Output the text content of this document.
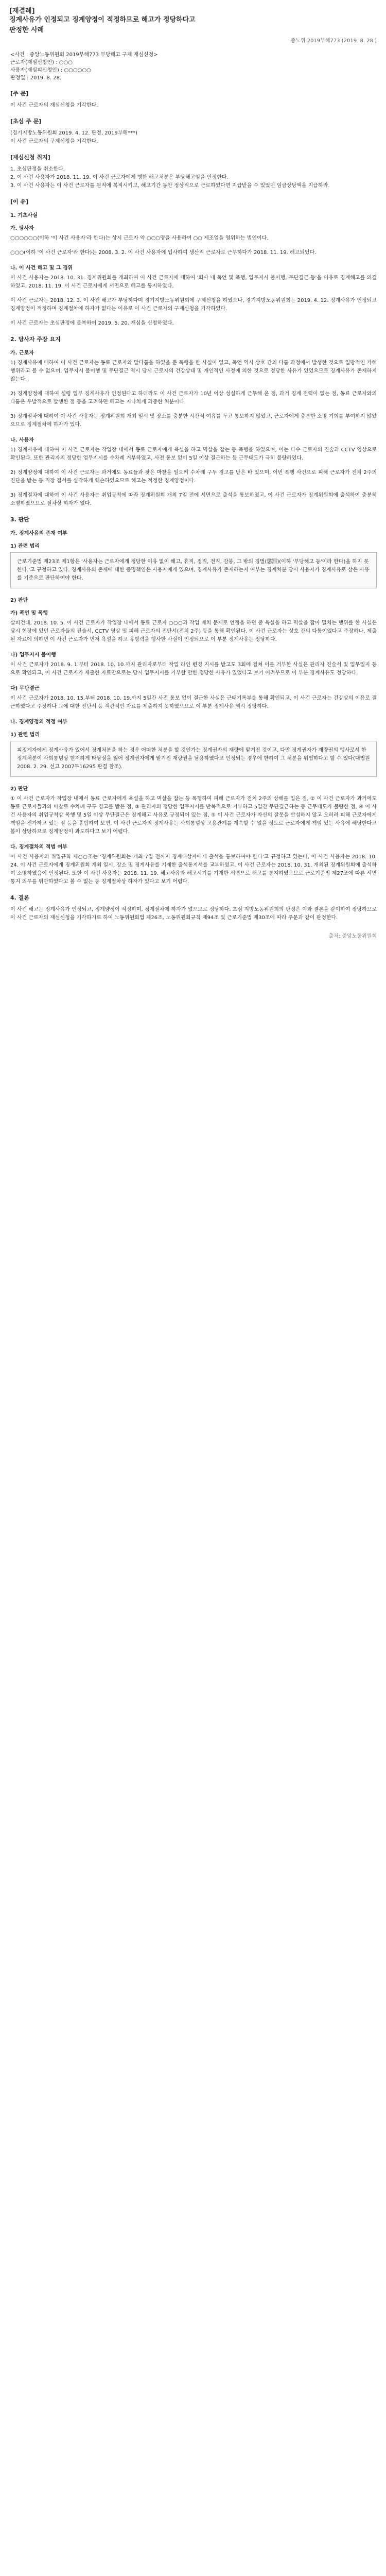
[재결례]
징계사유가 인정되고 징계양정이 적정하므로 해고가 정당하다고
판정한 사례
중노위 2019부해773 (2019. 8. 28.)
<사건 : 중앙노동위원회 2019부해773 부당해고 구제 재심신청>
근로자(재심신청인) : ○○○
사용자(재심피신청인) : ○○○○○○
판정일 : 2019. 8. 28.
[주 문]
이 사건 근로자의 재심신청을 기각한다.
[초심 주 문]
(경기지방노동위원회 2019. 4. 12. 판정, 2019부해***)
이 사건 근로자의 구제신청을 기각한다.
[재심신청 취지]
1. 초심판정을 취소한다.
2. 이 사건 사용자가 2018. 11. 19. 이 사건 근로자에게 행한 해고처분은 부당해고임을 인정한다.
3. 이 사건 사용자는 이 사건 근로자를 원직에 복직시키고, 해고기간 동안 정상적으로 근로하였다면 지급받을 수 있었던 임금상당액을 지급하라.
[이 유]
1. 기초사실
가. 당사자
○○○○○○(이하 '이 사건 사용자'라 한다)는 상시 근로자 약 ○○○명을 사용하여 ○○ 제조업을 영위하는 법인이다.
○○○(이하 '이 사건 근로자'라 한다)는 2008. 3. 2. 이 사건 사용자에 입사하여 생산직 근로자로 근무하다가 2018. 11. 19. 해고되었다.
나. 이 사건 해고 및 그 경위
이 사건 사용자는 2018. 10. 31. 징계위원회를 개최하여 이 사건 근로자에 대하여 '회사 내 폭언 및 폭행, 업무지시 불이행, 무단결근 등'을 이유로 징계해고를 의결하였고, 2018. 11. 19. 이 사건 근로자에게 서면으로 해고를 통지하였다.
이 사건 근로자는 2018. 12. 3. 이 사건 해고가 부당하다며 경기지방노동위원회에 구제신청을 하였으나, 경기지방노동위원회는 2019. 4. 12. 징계사유가 인정되고 징계양정이 적정하며 징계절차에 하자가 없다는 이유로 이 사건 근로자의 구제신청을 기각하였다.
이 사건 근로자는 초심판정에 불복하여 2019. 5. 20. 재심을 신청하였다.
2. 당사자 주장 요지
가. 근로자
1) 징계사유에 대하여 이 사건 근로자는 동료 근로자와 말다툼을 하였을 뿐 폭행을 한 사실이 없고, 폭언 역시 상호 간의 다툼 과정에서 발생한 것으로 일방적인 가해행위라고 볼 수 없으며, 업무지시 불이행 및 무단결근 역시 당시 근로자의 건강상태 및 개인적인 사정에 의한 것으로 정당한 사유가 있었으므로 징계사유가 존재하지 않는다.
2) 징계양정에 대하여 설령 일부 징계사유가 인정된다고 하더라도 이 사건 근로자가 10년 이상 성실하게 근무해 온 점, 과거 징계 전력이 없는 점, 동료 근로자와의 다툼은 우발적으로 발생한 점 등을 고려하면 해고는 지나치게 과중한 처분이다.
3) 징계절차에 대하여 이 사건 사용자는 징계위원회 개최 일시 및 장소를 충분한 시간적 여유를 두고 통보하지 않았고, 근로자에게 충분한 소명 기회를 부여하지 않았으므로 징계절차에 하자가 있다.
나. 사용자
1) 징계사유에 대하여 이 사건 근로자는 작업장 내에서 동료 근로자에게 욕설을 하고 멱살을 잡는 등 폭행을 하였으며, 이는 다수 근로자의 진술과 CCTV 영상으로 확인된다. 또한 관리자의 정당한 업무지시를 수차례 거부하였고, 사전 통보 없이 5일 이상 결근하는 등 근무태도가 극히 불량하였다.
2) 징계양정에 대하여 이 사건 근로자는 과거에도 동료들과 잦은 마찰을 일으켜 수차례 구두 경고를 받은 바 있으며, 이번 폭행 사건으로 피해 근로자가 전치 2주의 진단을 받는 등 직장 질서를 심각하게 훼손하였으므로 해고는 적정한 징계양정이다.
3) 징계절차에 대하여 이 사건 사용자는 취업규칙에 따라 징계위원회 개최 7일 전에 서면으로 출석을 통보하였고, 이 사건 근로자가 징계위원회에 출석하여 충분히 소명하였으므로 절차상 하자가 없다.
3. 판단
가. 징계사유의 존재 여부
1) 관련 법리
근로기준법 제23조 제1항은 '사용자는 근로자에게 정당한 이유 없이 해고, 휴직, 정직, 전직, 감봉, 그 밖의 징벌(懲罰)(이하 '부당해고 등'이라 한다)을 하지 못한다.'고 규정하고 있다. 징계사유의 존재에 대한 증명책임은 사용자에게 있으며, 징계사유가 존재하는지 여부는 징계처분 당시 사용자가 징계사유로 삼은 사유를 기준으로 판단하여야 한다.
2) 판단
가) 폭언 및 폭행
살피건대, 2018. 10. 5. 이 사건 근로자가 작업장 내에서 동료 근로자 ○○○과 작업 배치 문제로 언쟁을 하던 중 욕설을 하고 멱살을 잡아 밀치는 행위를 한 사실은 당시 현장에 있던 근로자들의 진술서, CCTV 영상 및 피해 근로자의 진단서(전치 2주) 등을 통해 확인된다. 이 사건 근로자는 상호 간의 다툼이었다고 주장하나, 제출된 자료에 의하면 이 사건 근로자가 먼저 욕설을 하고 유형력을 행사한 사실이 인정되므로 이 부분 징계사유는 정당하다.
나) 업무지시 불이행
이 사건 근로자가 2018. 9. 1.부터 2018. 10. 10.까지 관리자로부터 작업 라인 변경 지시를 받고도 3회에 걸쳐 이를 거부한 사실은 관리자 진술서 및 업무일지 등으로 확인되고, 이 사건 근로자가 제출한 자료만으로는 당시 업무지시를 거부할 만한 정당한 사유가 있었다고 보기 어려우므로 이 부분 징계사유도 정당하다.
다) 무단결근
이 사건 근로자가 2018. 10. 15.부터 2018. 10. 19.까지 5일간 사전 통보 없이 결근한 사실은 근태기록부를 통해 확인되고, 이 사건 근로자는 건강상의 이유로 결근하였다고 주장하나 그에 대한 진단서 등 객관적인 자료를 제출하지 못하였으므로 이 부분 징계사유 역시 정당하다.
나. 징계양정의 적정 여부
1) 관련 법리
피징계자에게 징계사유가 있어서 징계처분을 하는 경우 어떠한 처분을 할 것인가는 징계권자의 재량에 맡겨진 것이고, 다만 징계권자가 재량권의 행사로서 한 징계처분이 사회통념상 현저하게 타당성을 잃어 징계권자에게 맡겨진 재량권을 남용하였다고 인정되는 경우에 한하여 그 처분을 위법하다고 할 수 있다(대법원 2008. 2. 29. 선고 2007두16295 판결 참조).
2) 판단
① 이 사건 근로자가 작업장 내에서 동료 근로자에게 욕설을 하고 멱살을 잡는 등 폭행하여 피해 근로자가 전치 2주의 상해를 입은 점, ② 이 사건 근로자가 과거에도 동료 근로자들과의 마찰로 수차례 구두 경고를 받은 점, ③ 관리자의 정당한 업무지시를 반복적으로 거부하고 5일간 무단결근하는 등 근무태도가 불량한 점, ④ 이 사건 사용자의 취업규칙상 폭행 및 5일 이상 무단결근은 징계해고 사유로 규정되어 있는 점, ⑤ 이 사건 근로자가 자신의 잘못을 반성하지 않고 오히려 피해 근로자에게 책임을 전가하고 있는 점 등을 종합하여 보면, 이 사건 근로자의 징계사유는 사회통념상 고용관계를 계속할 수 없을 정도로 근로자에게 책임 있는 사유에 해당한다고 봄이 상당하므로 징계양정이 과도하다고 보기 어렵다.
다. 징계절차의 적법 여부
이 사건 사용자의 취업규칙 제○○조는 '징계위원회는 개최 7일 전까지 징계대상자에게 출석을 통보하여야 한다'고 규정하고 있는바, 이 사건 사용자는 2018. 10. 24. 이 사건 근로자에게 징계위원회 개최 일시, 장소 및 징계사유를 기재한 출석통지서를 교부하였고, 이 사건 근로자는 2018. 10. 31. 개최된 징계위원회에 출석하여 소명하였음이 인정된다. 또한 이 사건 사용자는 2018. 11. 19. 해고사유와 해고시기를 기재한 서면으로 해고를 통지하였으므로 근로기준법 제27조에 따른 서면통지 의무를 위반하였다고 볼 수 없는 등 징계절차상 하자가 있다고 보기 어렵다.
4. 결론
이 사건 해고는 징계사유가 인정되고, 징계양정이 적정하며, 징계절차에 하자가 없으므로 정당하다. 초심 지방노동위원회의 판정은 이와 결론을 같이하여 정당하므로 이 사건 근로자의 재심신청을 기각하기로 하여 노동위원회법 제26조, 노동위원회규칙 제94조 및 근로기준법 제30조에 따라 주문과 같이 판정한다.
출처: 중앙노동위원회
